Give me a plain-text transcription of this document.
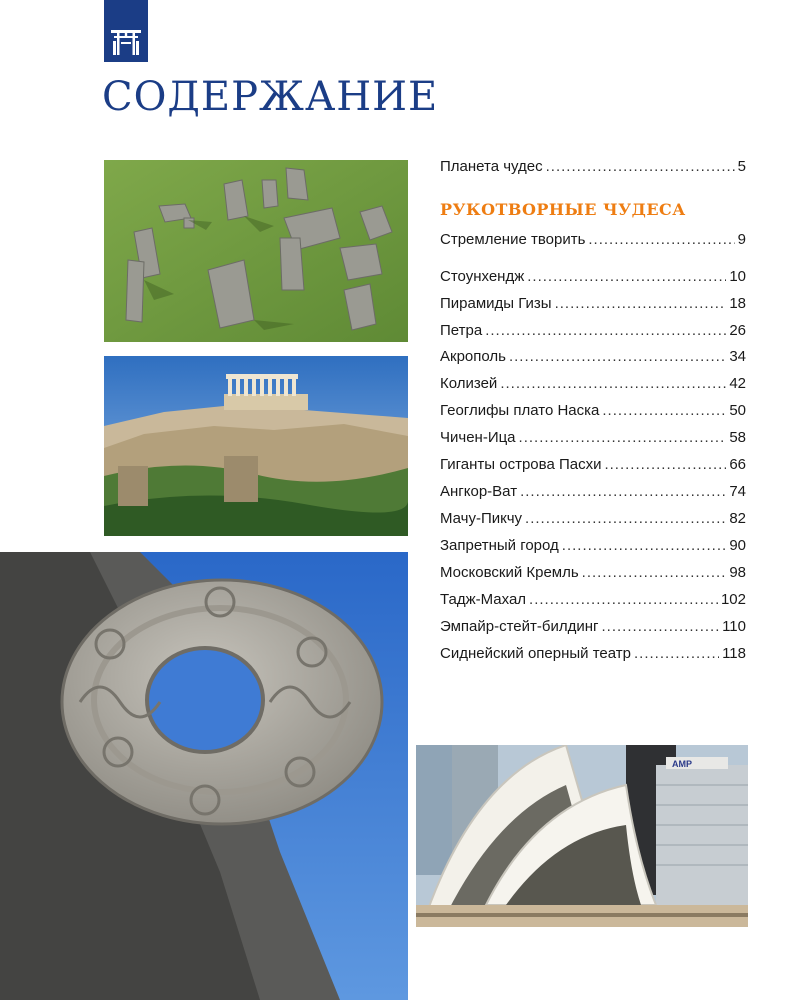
СОДЕРЖАНИЕ
AMP
Планета чудес .....	5
РУКОТВОРНЫЕ ЧУДЕСА
Стремление творить .....	9
Стоунхендж .....	10
Пирамиды Гизы .....	18
Петра .....	26
Акрополь .....	34
Колизей .....	42
Геоглифы плато Наска .....	50
Чичен-Ица .....	58
Гиганты острова Пасхи .....	66
Ангкор-Ват .....	74
Мачу-Пикчу .....	82
Запретный город .....	90
Московский Кремль .....	98
Тадж-Махал .....	102
Эмпайр-стейт-билдинг .....	110
Сиднейский оперный театр .....	118
